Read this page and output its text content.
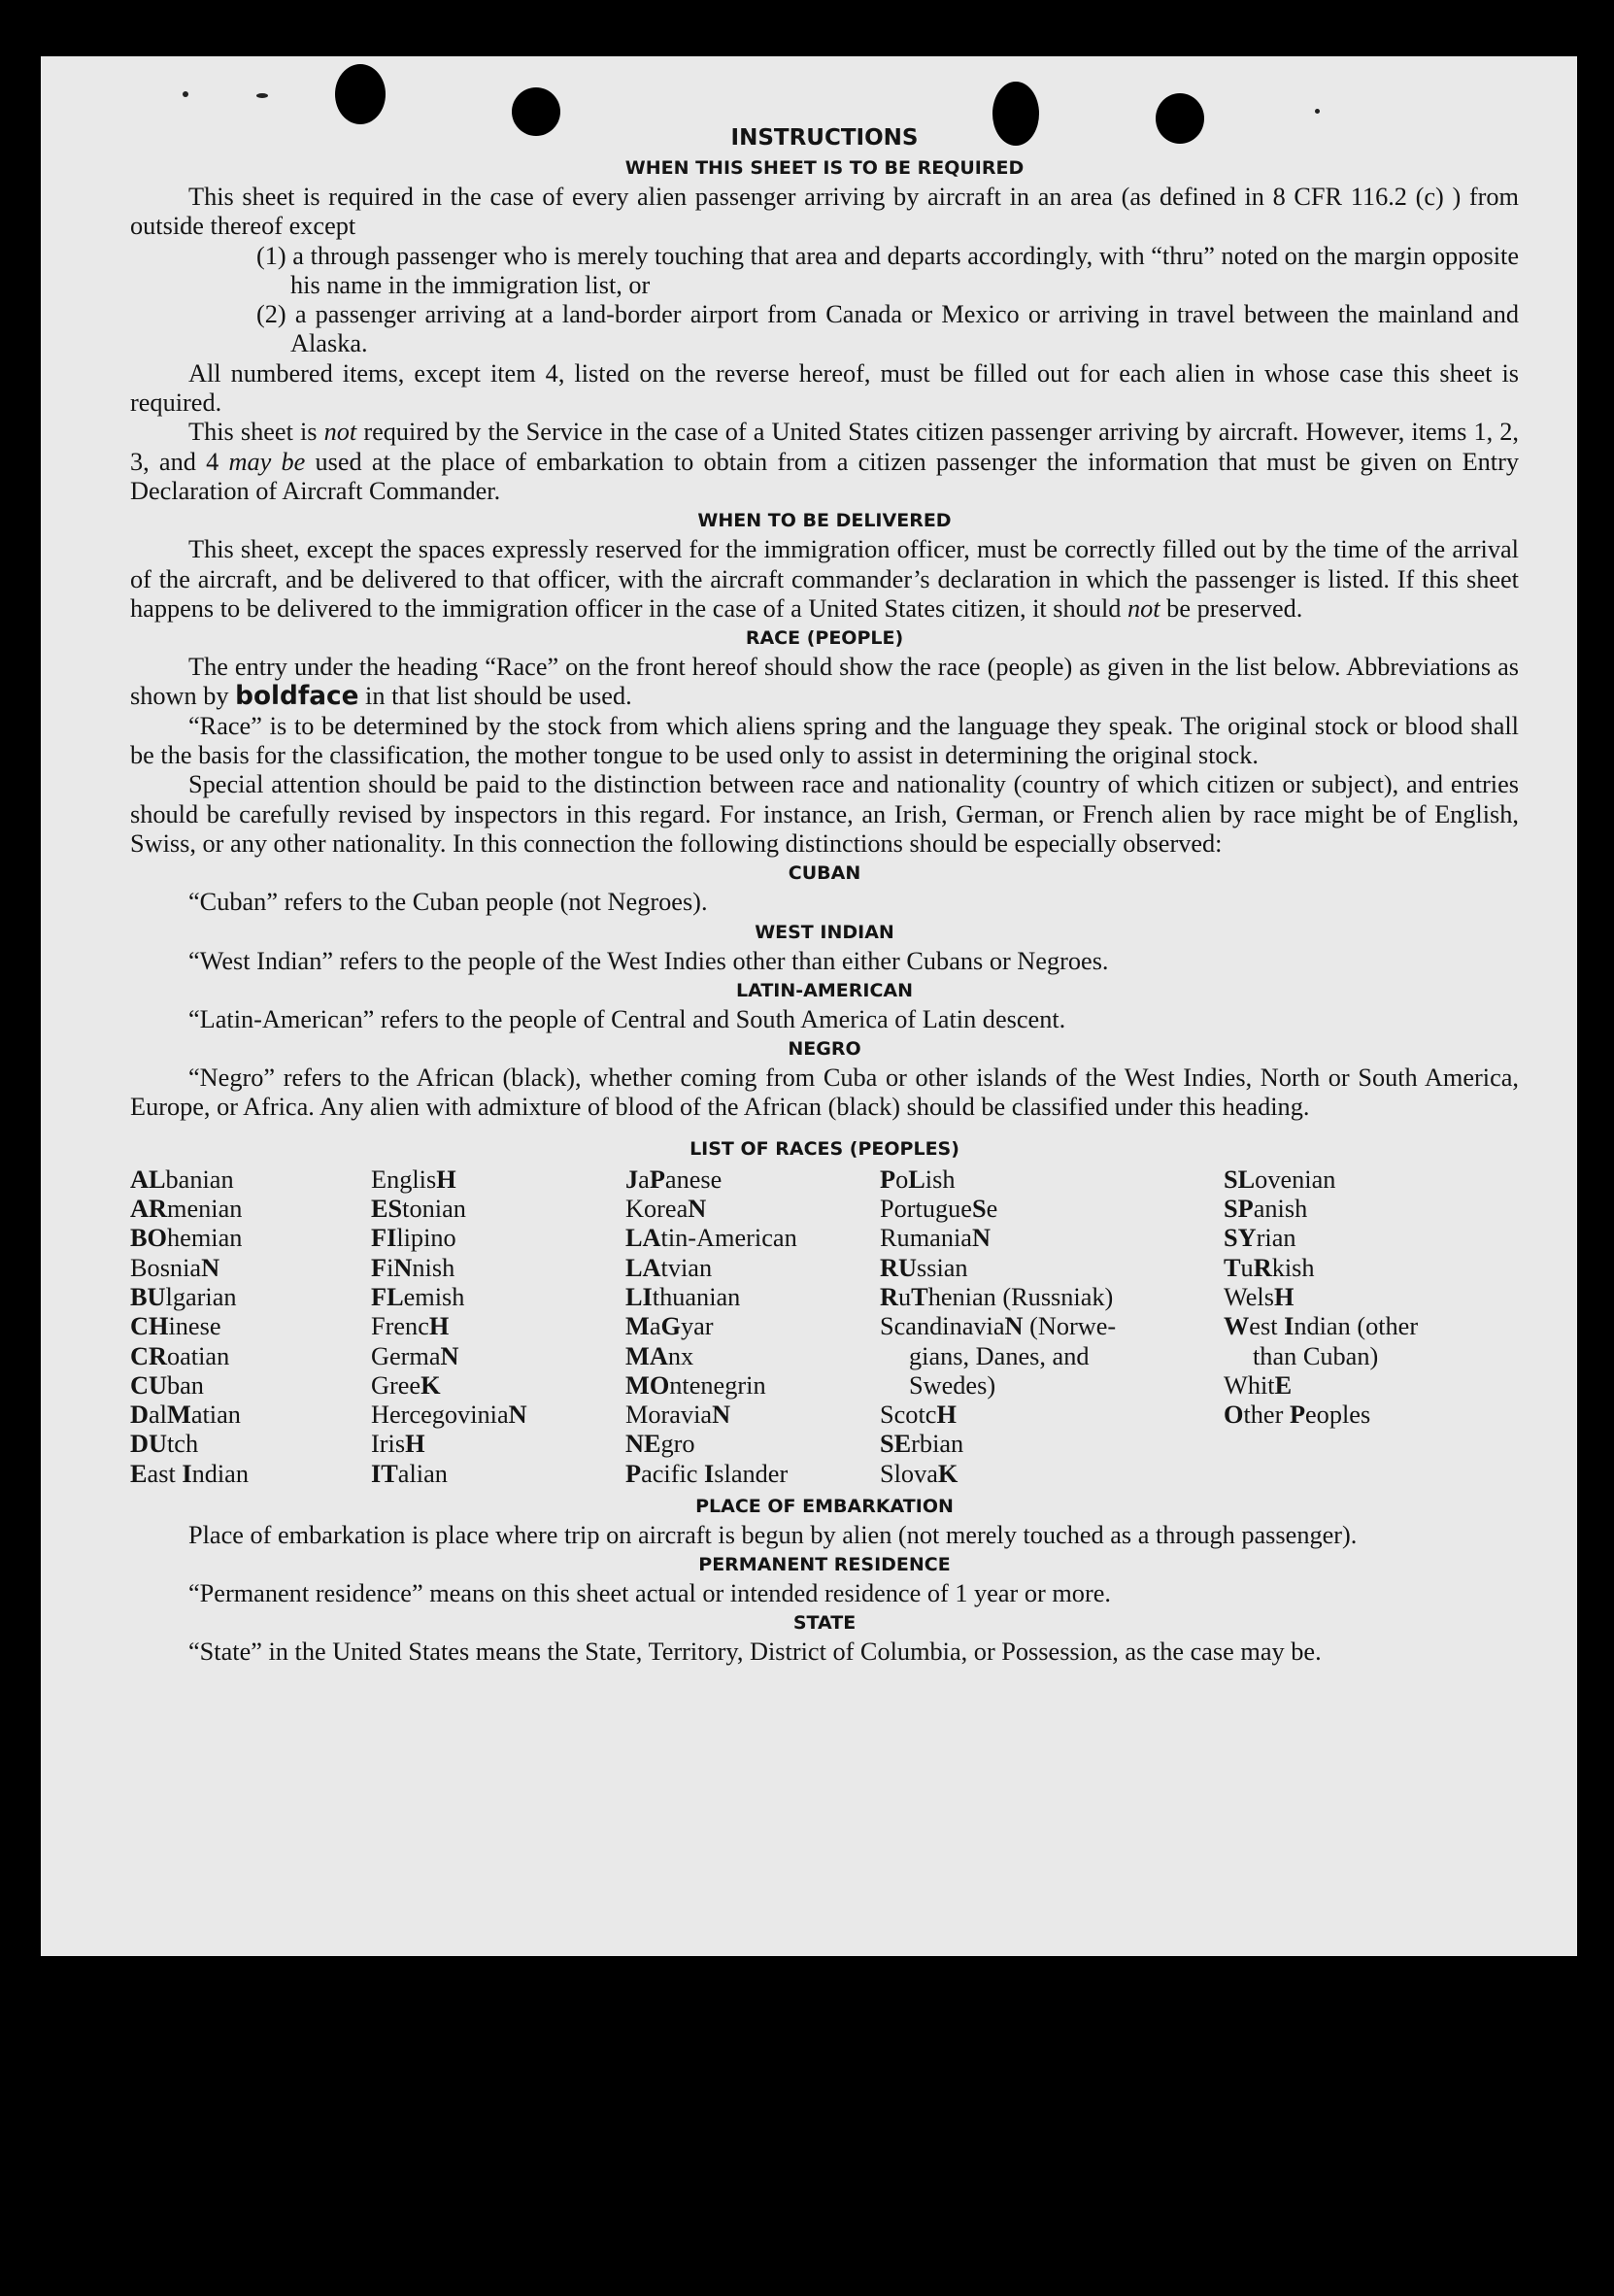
INSTRUCTIONS
WHEN THIS SHEET IS TO BE REQUIRED

This sheet is required in the case of every alien passenger arriving by aircraft in an area (as defined in 8 CFR 116.2 (c) ) from outside thereof except

(1) a through passenger who is merely touching that area and departs accordingly, with “thru” noted on the margin opposite his name in the immigration list, or

(2) a passenger arriving at a land-border airport from Canada or Mexico or arriving in travel between the mainland and Alaska.

All numbered items, except item 4, listed on the reverse hereof, must be filled out for each alien in whose case this sheet is required.

This sheet is not required by the Service in the case of a United States citizen passenger arriving by aircraft. However, items 1, 2, 3, and 4 may be used at the place of embarkation to obtain from a citizen passenger the information that must be given on Entry Declaration of Aircraft Commander.

WHEN TO BE DELIVERED

This sheet, except the spaces expressly reserved for the immigration officer, must be correctly filled out by the time of the arrival of the aircraft, and be delivered to that officer, with the aircraft commander’s declaration in which the passenger is listed. If this sheet happens to be delivered to the immigration officer in the case of a United States citizen, it should not be preserved.

RACE (PEOPLE)

The entry under the heading “Race” on the front hereof should show the race (people) as given in the list below. Abbreviations as shown by boldface in that list should be used.

“Race” is to be determined by the stock from which aliens spring and the language they speak. The original stock or blood shall be the basis for the classification, the mother tongue to be used only to assist in determining the original stock.

Special attention should be paid to the distinction between race and nationality (country of which citizen or subject), and entries should be carefully revised by inspectors in this regard. For instance, an Irish, German, or French alien by race might be of English, Swiss, or any other nationality. In this connection the following distinctions should be especially observed:

CUBAN

“Cuban” refers to the Cuban people (not Negroes).

WEST INDIAN

“West Indian” refers to the people of the West Indies other than either Cubans or Negroes.

LATIN-AMERICAN

“Latin-American” refers to the people of Central and South America of Latin descent.

NEGRO

“Negro” refers to the African (black), whether coming from Cuba or other islands of the West Indies, North or South America, Europe, or Africa. Any alien with admixture of blood of the African (black) should be classified under this heading.

LIST OF RACES (PEOPLES)
ALbanian
ARmenian
BOhemian
BosniaN
BUlgarian
CHinese
CRoatian
CUban
DalMatian
DUtch
East Indian
EnglisH
EStonian
FIlipino
FiNnish
FLemish
FrencH
GermaN
GreeK
HercegoviniaN
IrisH
ITalian
JaPanese
KoreaN
LAtin-American
LAtvian
LIthuanian
MaGyar
MAnx
MOntenegrin
MoraviaN
NEgro
Pacific Islander
PoLish
PortugueSe
RumaniaN
RUssian
RuThenian (Russniak)
ScandinaviaN (Norwe-
gians, Danes, and Swedes)
ScotcH
SErbian
SlovaK
SLovenian
SPanish
SYrian
TuRkish
WelsH
West Indian (other
than Cuban)
WhitE
Other Peoples
PLACE OF EMBARKATION

Place of embarkation is place where trip on aircraft is begun by alien (not merely touched as a through passenger).

PERMANENT RESIDENCE

“Permanent residence” means on this sheet actual or intended residence of 1 year or more.

STATE

“State” in the United States means the State, Territory, District of Columbia, or Possession, as the case may be.
